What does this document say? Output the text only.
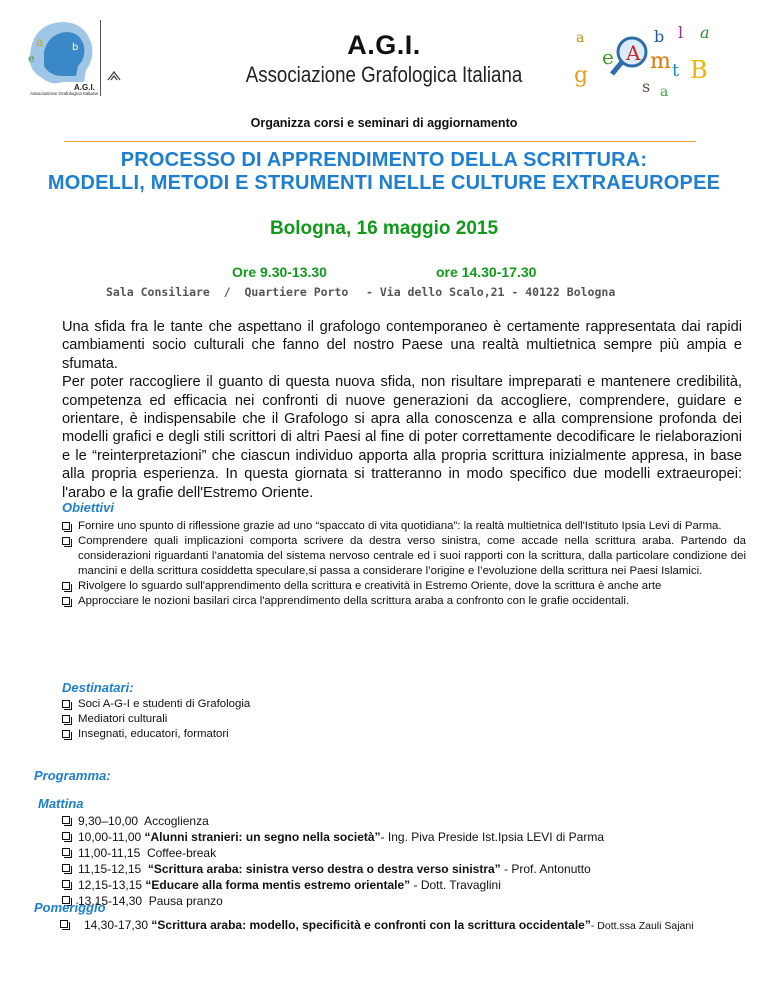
a
e
b
A.G.I.
Associazione Grafologica Italiana
A.G.I.
Associazione Grafologica Italiana
a
e
g
A
b l a
m t B
s a
Organizza corsi e seminari di aggiornamento
PROCESSO DI APPRENDIMENTO DELLA SCRITTURA:
MODELLI, METODI E STRUMENTI NELLE CULTURE EXTRAEUROPEE
Bologna, 16 maggio 2015
Ore 9.30-13.30	ore 14.30-17.30
Sala Consiliare  /  Quartiere Porto - Via dello Scalo,21 - 40122 Bologna

Una sfida fra le tante che aspettano il grafologo contemporaneo è certamente rappresentata dai rapidi cambiamenti socio culturali che fanno del nostro Paese una realtà multietnica sempre più ampia e sfumata.

Per poter raccogliere il guanto di questa nuova sfida, non risultare impreparati e mantenere credibilità, competenza ed efficacia nei confronti di nuove generazioni da accogliere, comprendere, guidare e orientare, è indispensabile che il Grafologo si apra alla conoscenza e alla comprensione profonda dei modelli grafici e degli stili scrittori di altri Paesi al fine di poter correttamente decodificare le rielaborazioni e le “reinterpretazioni” che ciascun individuo apporta alla propria scrittura inizialmente appresa, in base alla propria esperienza. In questa giornata si tratteranno in modo specifico due modelli extraeuropei: l'arabo e la grafie dell'Estremo Oriente.

Obiettivi
Fornire uno spunto di riflessione grazie ad uno “spaccato di vita quotidiana”: la realtà multietnica dell'Istituto Ipsia Levi di Parma.
Comprendere quali implicazioni comporta scrivere da destra verso sinistra, come accade nella scrittura araba. Partendo da considerazioni riguardanti l’anatomia del sistema nervoso centrale ed i suoi rapporti con la scrittura, dalla particolare condizione dei mancini e della scrittura cosiddetta speculare,si passa a considerare l’origine e l’evoluzione della scrittura nei Paesi Islamici.
Rivolgere lo sguardo sull'apprendimento della scrittura e creatività in Estremo Oriente, dove la scrittura è anche arte
Approcciare le nozioni basilari circa l'apprendimento della scrittura araba a confronto con le grafie occidentali.
Destinatari:
Soci A-G-I e studenti di Grafologia
Mediatori culturali
Insegnati, educatori, formatori
Programma:
Mattina
9,30–10,00 Accoglienza
10,00-11,00 “Alunni stranieri: un segno nella società”- Ing. Piva Preside Ist.Ipsia LEVI di Parma
11,00-11,15 Coffee-break
11,15-12,15 “Scrittura araba: sinistra verso destra o destra verso sinistra” - Prof. Antonutto
12,15-13,15 “Educare alla forma mentis estremo orientale” - Dott. Travaglini
13,15-14,30 Pausa pranzo
Pomeriggio
14,30-17,30 “Scrittura araba: modello, specificità e confronti con la scrittura occidentale”- Dott.ssa Zauli Sajani
